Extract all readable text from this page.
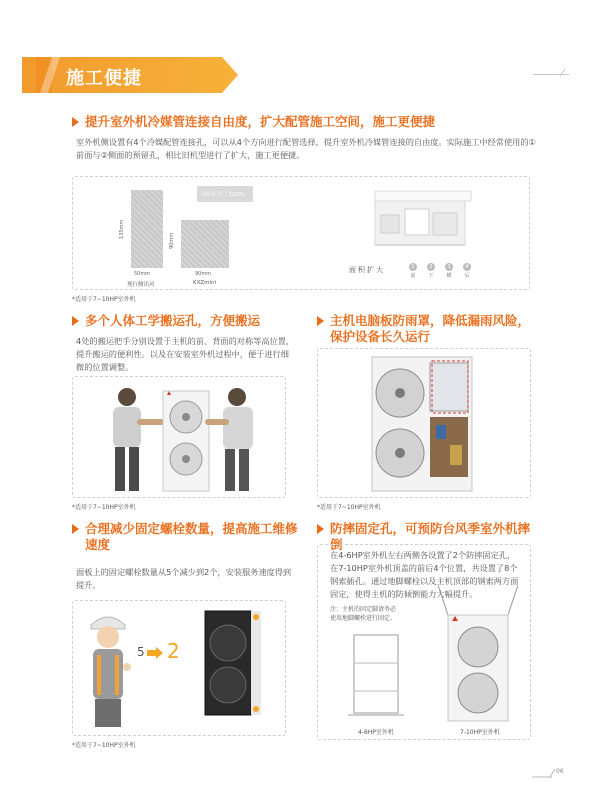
施工便捷
提升室外机冷媒管连接自由度，扩大配管施工空间，施工更便捷
室外机侧设置有4个冷媒配管连接孔，可以从4个方向进行配管选择，提升室外机冷媒管连接的自由度。实际施工中经常使用的①前面与②侧面的预留孔，相比旧机型进行了扩大，施工更便捷。
135mm
50mm
现行侧出风
90mm
90mm
KXZmini
面积扩大了120%
面积扩大	1	2	3	4
前	下	横	后
*适用于7~10HP室外机
多个人体工学搬运孔，方便搬运
4处的搬运把手分别设置于主机的前、背面的对称等高位置，提升搬运的便利性。以及在安装室外机过程中，便于进行细微的位置调整。
*适用于7~10HP室外机
主机电脑板防雨罩，降低漏雨风险，保护设备长久运行
*适用于7~10HP室外机
合理减少固定螺栓数量，提高施工维修速度
面板上的固定螺栓数量从5个减少到2个，安装服务速度得到提升。
5 2
*适用于7~10HP室外机
防摔固定孔，可预防台风季室外机摔倒
在4-6HP室外机左右两侧各设置了2个防摔固定孔，在7-10HP室外机顶盖的前后4个位置，共设置了8个钢索插孔。通过地脚螺栓以及主机顶部的钢索两方面固定，使得主机的防倾倒能力大幅提升。
注：主机的固定脚请务必使用地脚螺栓进行固定。
4-6HP室外机	7-10HP室外机
06
